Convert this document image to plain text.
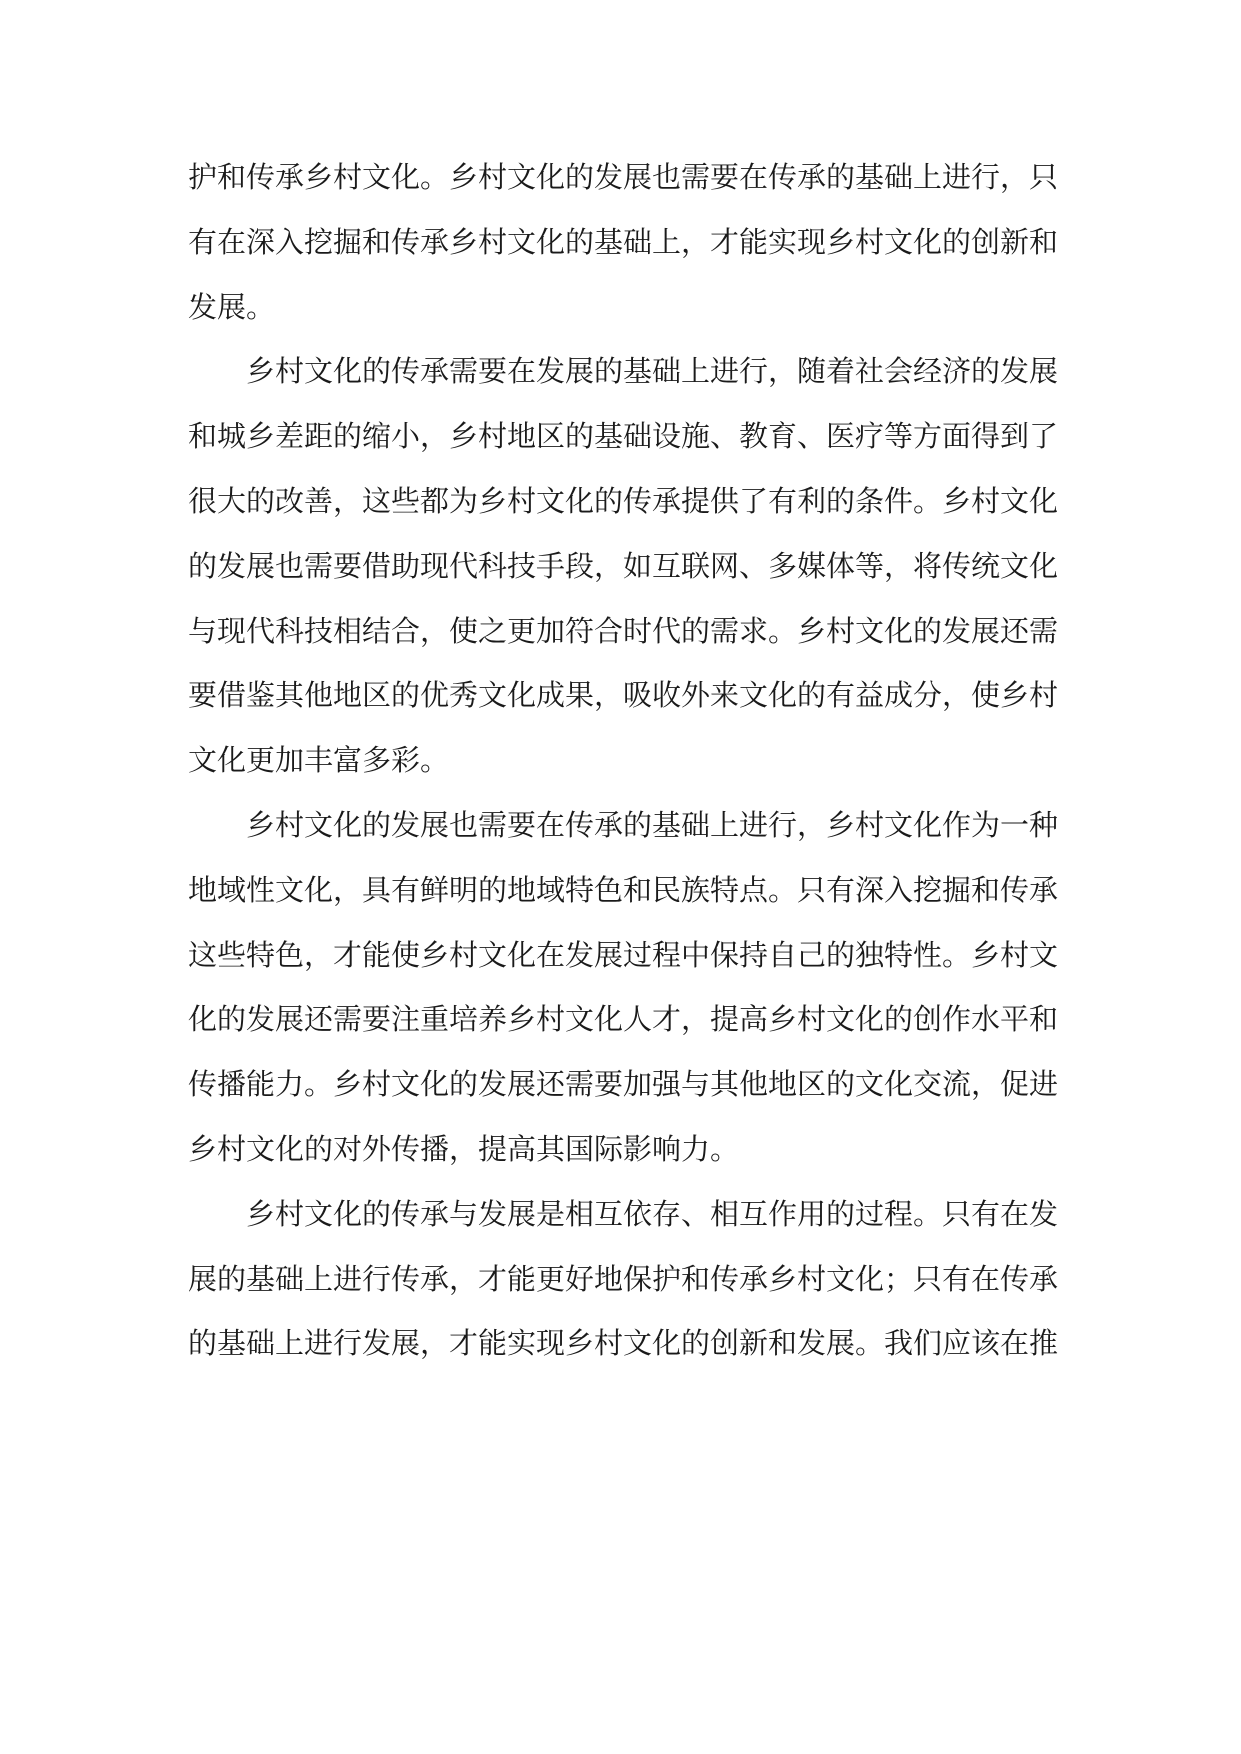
护和传承乡村文化。乡村文化的发展也需要在传承的基础上进行，只有在深入挖掘和传承乡村文化的基础上，才能实现乡村文化的创新和发展。

乡村文化的传承需要在发展的基础上进行，随着社会经济的发展和城乡差距的缩小，乡村地区的基础设施、教育、医疗等方面得到了很大的改善，这些都为乡村文化的传承提供了有利的条件。乡村文化的发展也需要借助现代科技手段，如互联网、多媒体等，将传统文化与现代科技相结合，使之更加符合时代的需求。乡村文化的发展还需要借鉴其他地区的优秀文化成果，吸收外来文化的有益成分，使乡村文化更加丰富多彩。

乡村文化的发展也需要在传承的基础上进行，乡村文化作为一种地域性文化，具有鲜明的地域特色和民族特点。只有深入挖掘和传承这些特色，才能使乡村文化在发展过程中保持自己的独特性。乡村文化的发展还需要注重培养乡村文化人才，提高乡村文化的创作水平和传播能力。乡村文化的发展还需要加强与其他地区的文化交流，促进乡村文化的对外传播，提高其国际影响力。

乡村文化的传承与发展是相互依存、相互作用的过程。只有在发展的基础上进行传承，才能更好地保护和传承乡村文化；只有在传承的基础上进行发展，才能实现乡村文化的创新和发展。我们应该在推
